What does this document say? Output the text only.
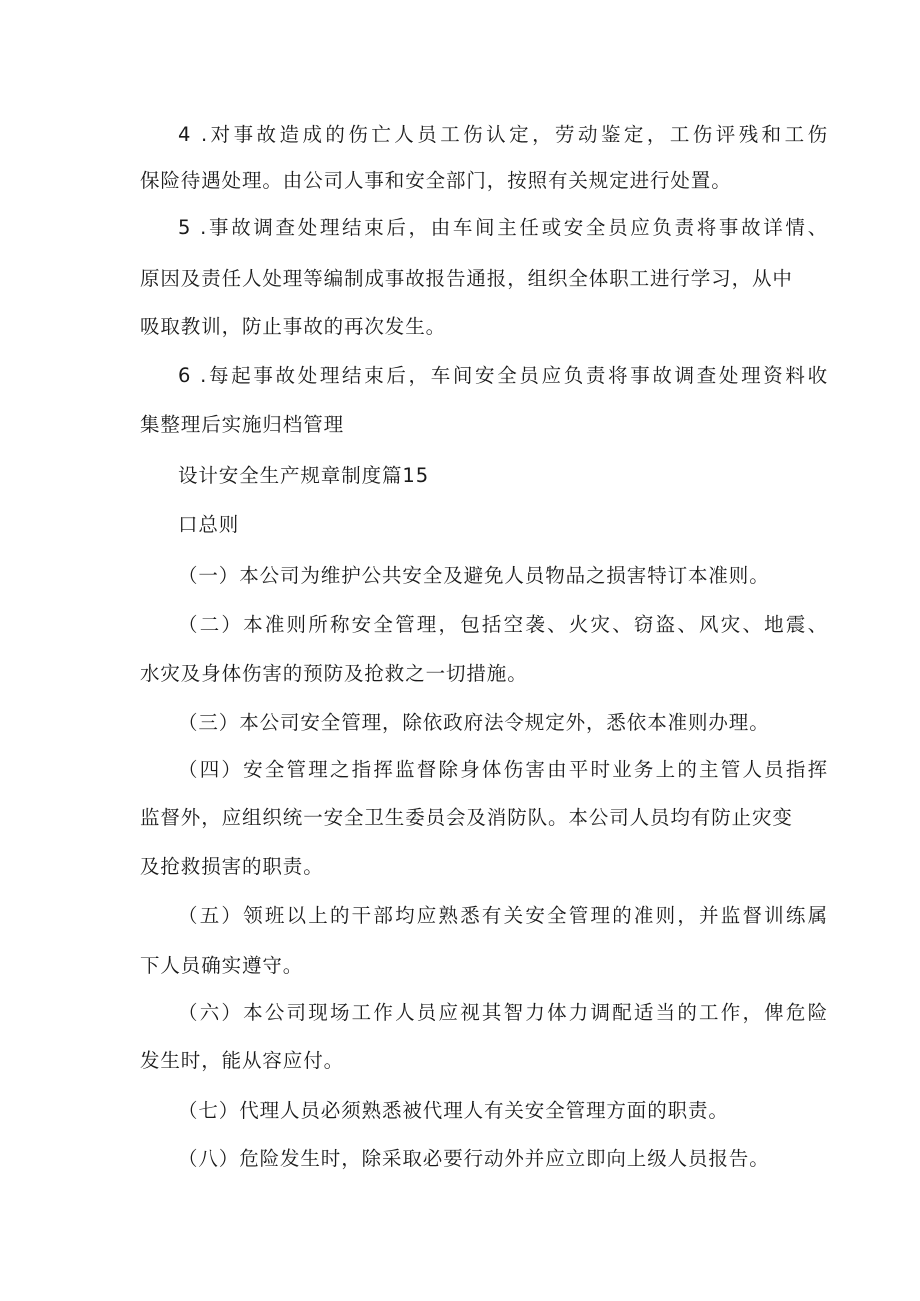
4 .对事故造成的伤亡人员工伤认定，劳动鉴定，工伤评残和工伤
保险待遇处理。由公司人事和安全部门，按照有关规定进行处置。
5 .事故调查处理结束后，由车间主任或安全员应负责将事故详情、
原因及责任人处理等编制成事故报告通报，组织全体职工进行学习，从中
吸取教训，防止事故的再次发生。
6 .每起事故处理结束后，车间安全员应负责将事故调查处理资料收
集整理后实施归档管理
设计安全生产规章制度篇15
口总则
（一）本公司为维护公共安全及避免人员物品之损害特订本准则。
（二）本准则所称安全管理，包括空袭、火灾、窃盗、风灾、地震、
水灾及身体伤害的预防及抢救之一切措施。
（三）本公司安全管理，除依政府法令规定外，悉依本准则办理。
（四）安全管理之指挥监督除身体伤害由平时业务上的主管人员指挥
监督外，应组织统一安全卫生委员会及消防队。本公司人员均有防止灾变
及抢救损害的职责。
（五）领班以上的干部均应熟悉有关安全管理的准则，并监督训练属
下人员确实遵守。
（六）本公司现场工作人员应视其智力体力调配适当的工作，俾危险
发生时，能从容应付。
（七）代理人员必须熟悉被代理人有关安全管理方面的职责。
（八）危险发生时，除采取必要行动外并应立即向上级人员报告。
